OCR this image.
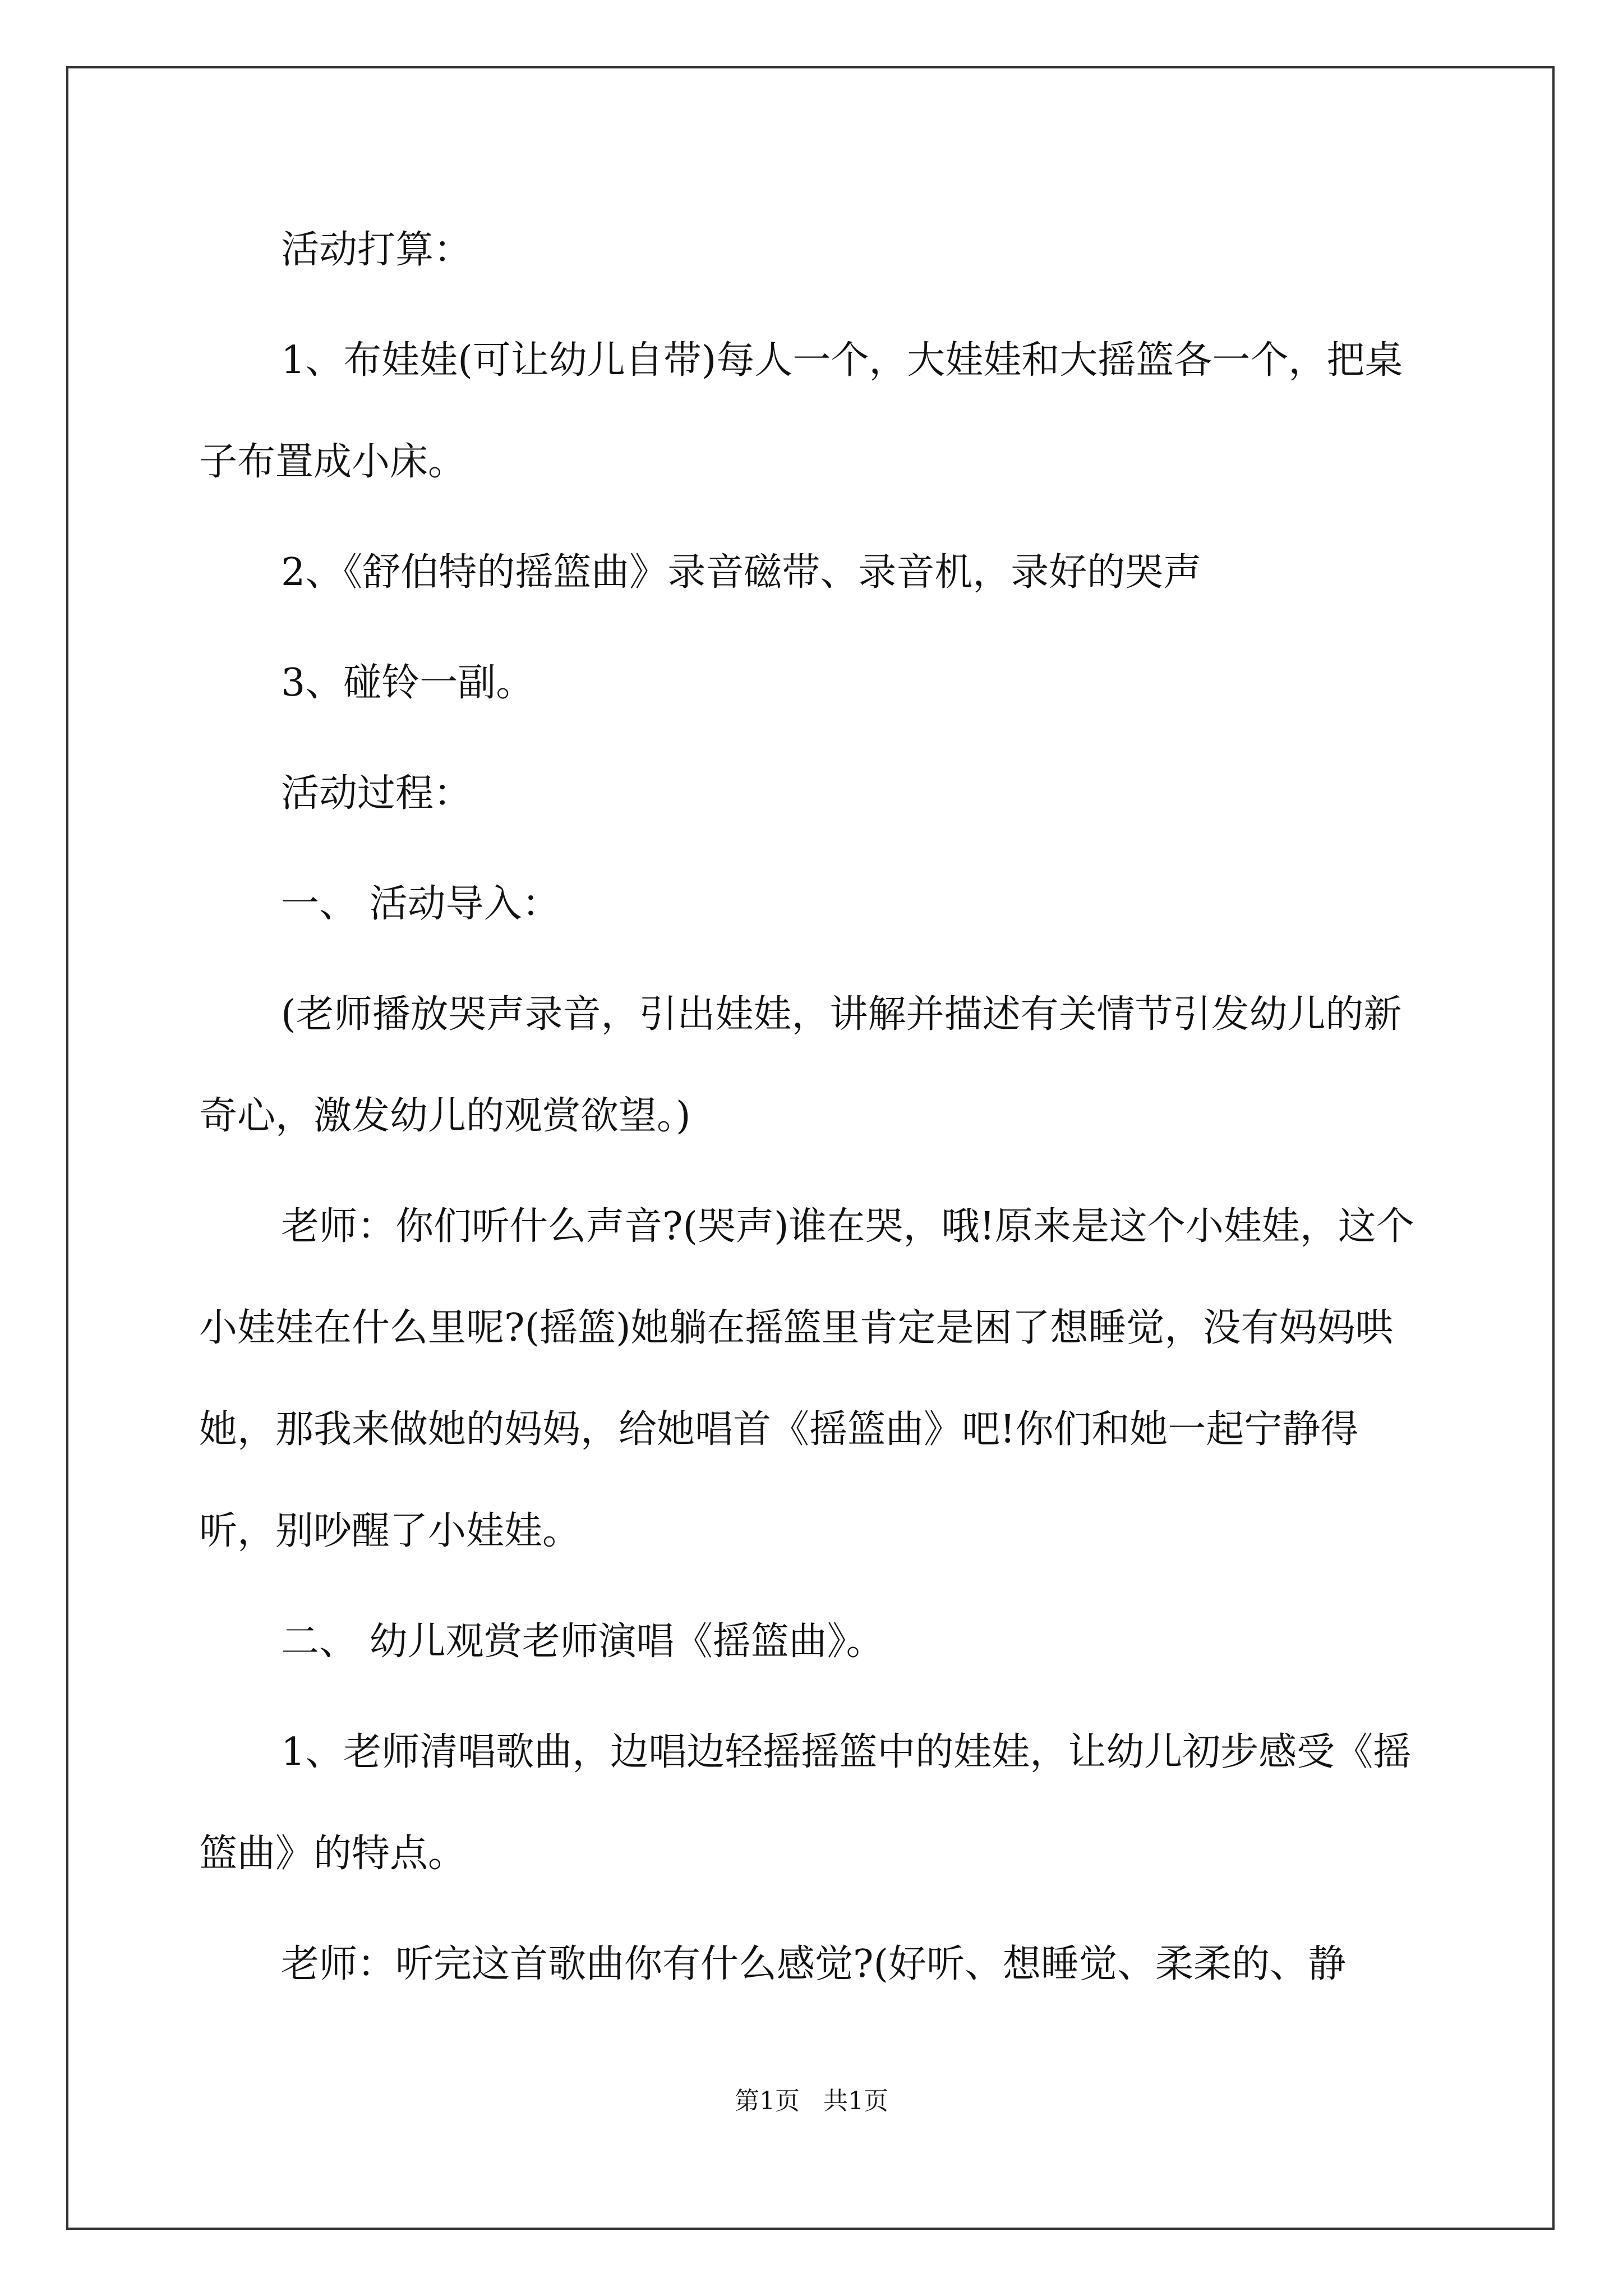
活动打算：

1、布娃娃(可让幼儿自带)每人一个，大娃娃和大摇篮各一个，把桌子布置成小床。

2、《舒伯特的摇篮曲》录音磁带、录音机，录好的哭声

3、碰铃一副。

活动过程：

一、 活动导入：

(老师播放哭声录音，引出娃娃，讲解并描述有关情节引发幼儿的新奇心，激发幼儿的观赏欲望。)

老师：你们听什么声音?(哭声)谁在哭，哦!原来是这个小娃娃，这个小娃娃在什么里呢?(摇篮)她躺在摇篮里肯定是困了想睡觉，没有妈妈哄她，那我来做她的妈妈，给她唱首《摇篮曲》吧!你们和她一起宁静得听，别吵醒了小娃娃。

二、 幼儿观赏老师演唱《摇篮曲》。

1、老师清唱歌曲，边唱边轻摇摇篮中的娃娃，让幼儿初步感受《摇篮曲》的特点。

老师：听完这首歌曲你有什么感觉?(好听、想睡觉、柔柔的、静

第1页 共1页
